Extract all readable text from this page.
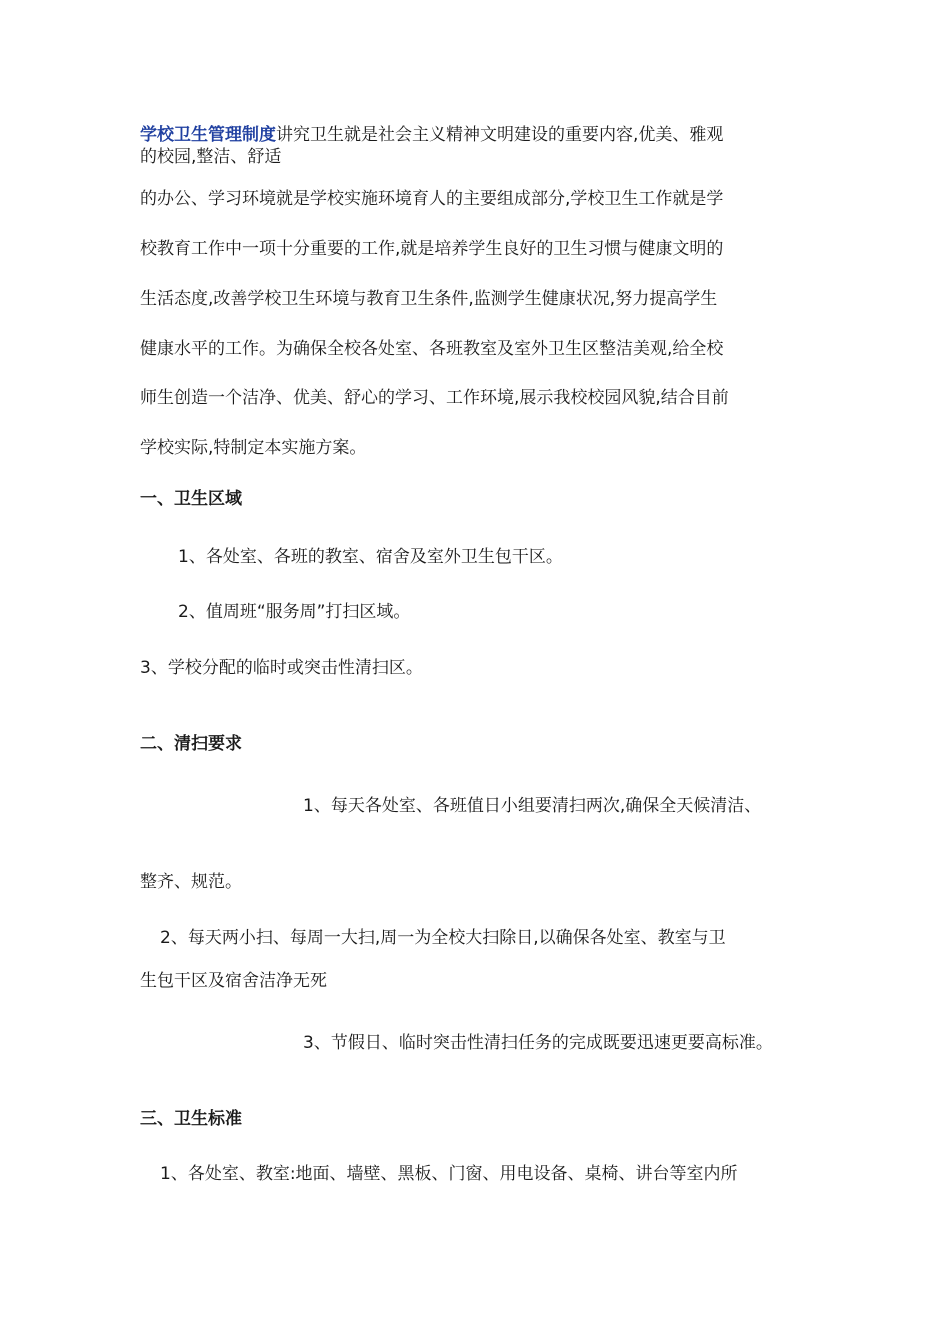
学校卫生管理制度讲究卫生就是社会主义精神文明建设的重要内容,优美、雅观

的校园,整洁、舒适

的办公、学习环境就是学校实施环境育人的主要组成部分,学校卫生工作就是学

校教育工作中一项十分重要的工作,就是培养学生良好的卫生习惯与健康文明的

生活态度,改善学校卫生环境与教育卫生条件,监测学生健康状况,努力提高学生

健康水平的工作。为确保全校各处室、各班教室及室外卫生区整洁美观,给全校

师生创造一个洁净、优美、舒心的学习、工作环境,展示我校校园风貌,结合目前

学校实际,特制定本实施方案。

一、卫生区域

1、各处室、各班的教室、宿舍及室外卫生包干区。

2、值周班“服务周”打扫区域。

3、学校分配的临时或突击性清扫区。

二、清扫要求

1、每天各处室、各班值日小组要清扫两次,确保全天候清洁、

整齐、规范。

2、每天两小扫、每周一大扫,周一为全校大扫除日,以确保各处室、教室与卫

生包干区及宿舍洁净无死

3、节假日、临时突击性清扫任务的完成既要迅速更要高标准。

三、卫生标准

1、各处室、教室:地面、墙壁、黑板、门窗、用电设备、桌椅、讲台等室内所
